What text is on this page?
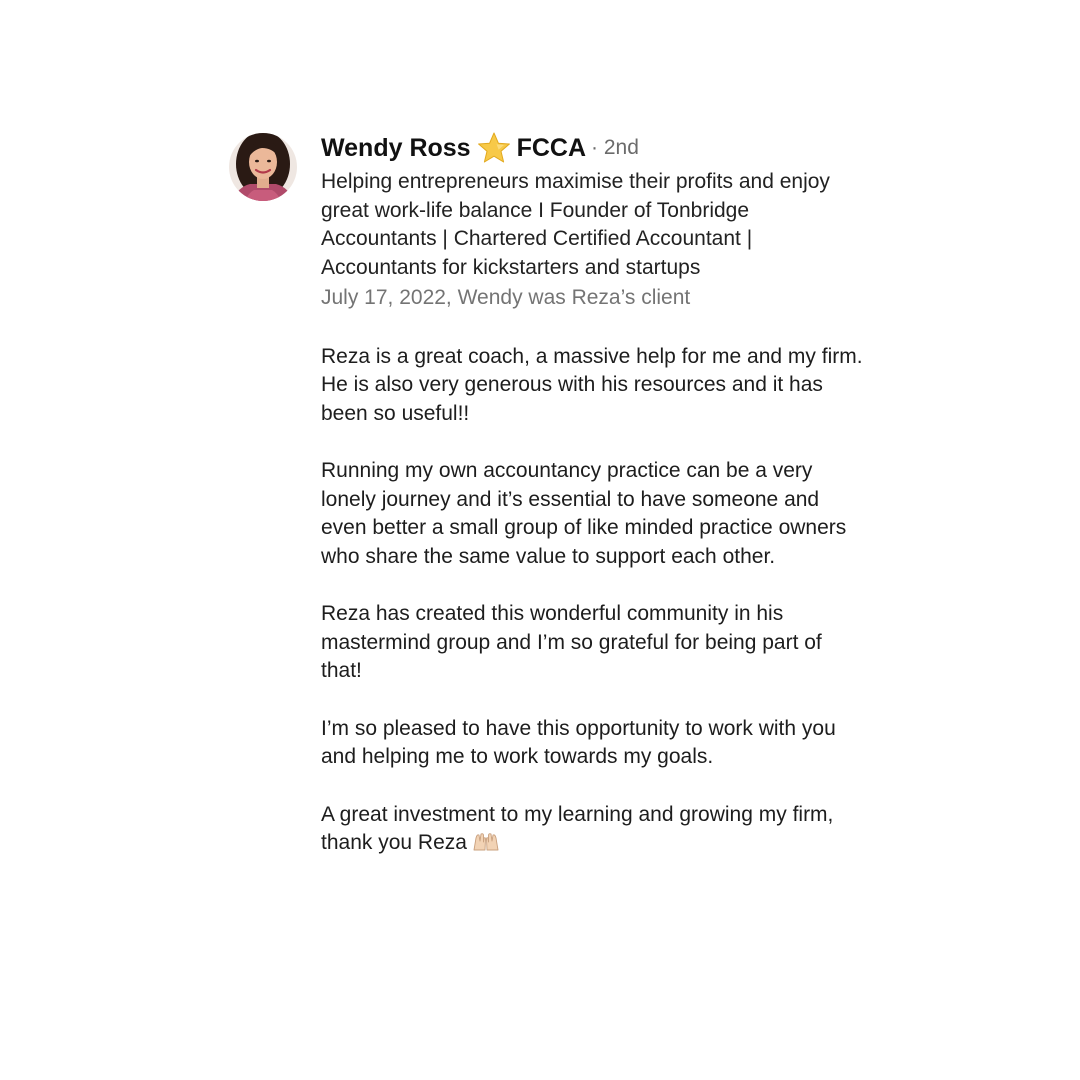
Wendy Ross FCCA · 2nd
Helping entrepreneurs maximise their profits and enjoy great work-life balance I Founder of Tonbridge Accountants | Chartered Certified Accountant | Accountants for kickstarters and startups
July 17, 2022, Wendy was Reza’s client
Reza is a great coach, a massive help for me and my firm. He is also very generous with his resources and it has been so useful!!
Running my own accountancy practice can be a very lonely journey and it’s essential to have someone and even better a small group of like minded practice owners who share the same value to support each other.
Reza has created this wonderful community in his mastermind group and I’m so grateful for being part of that!
I’m so pleased to have this opportunity to work with you and helping me to work towards my goals.
A great investment to my learning and growing my firm, thank you Reza
